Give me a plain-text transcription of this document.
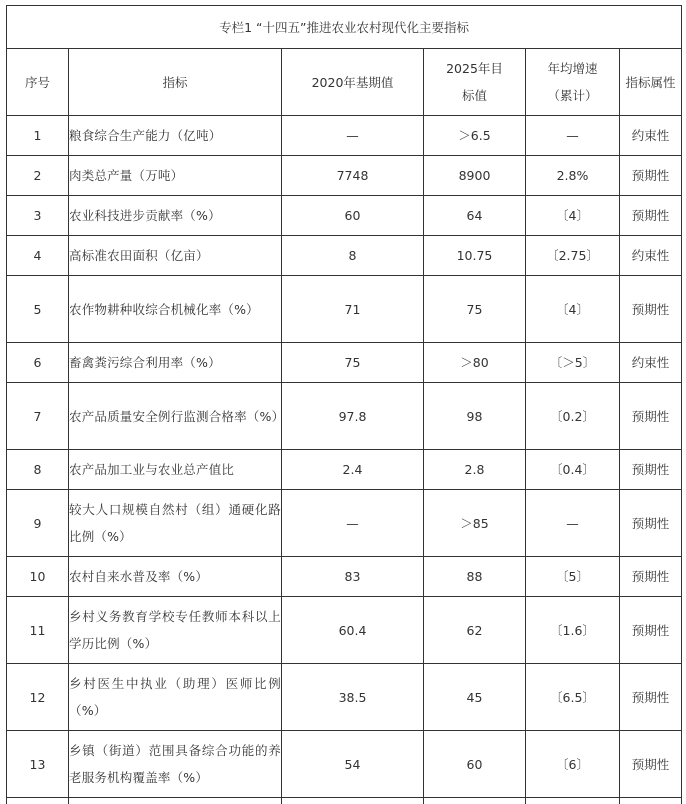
专栏1 “十四五”推进农业农村现代化主要指标					
序号	指标	2020年基期值	2025年目标值	年均增速（累计）	指标属性
1	粮食综合生产能力（亿吨）	—	＞6.5	—	约束性
2	肉类总产量（万吨）	7748	8900	2.8%	预期性
3	农业科技进步贡献率（%）	60	64	〔4〕	预期性
4	高标准农田面积（亿亩）	8	10.75	〔2.75〕	约束性
5	农作物耕种收综合机械化率（%）	71	75	〔4〕	预期性
6	畜禽粪污综合利用率（%）	75	＞80	〔＞5〕	约束性
7	农产品质量安全例行监测合格率（%）	97.8	98	〔0.2〕	预期性
8	农产品加工业与农业总产值比	2.4	2.8	〔0.4〕	预期性
9	较大人口规模自然村（组）通硬化路比例（%）	—	＞85	—	预期性
10	农村自来水普及率（%）	83	88	〔5〕	预期性
11	乡村义务教育学校专任教师本科以上学历比例（%）	60.4	62	〔1.6〕	预期性
12	乡村医生中执业（助理）医师比例（%）	38.5	45	〔6.5〕	预期性
13	乡镇（街道）范围具备综合功能的养老服务机构覆盖率（%）	54	60	〔6〕	预期性
